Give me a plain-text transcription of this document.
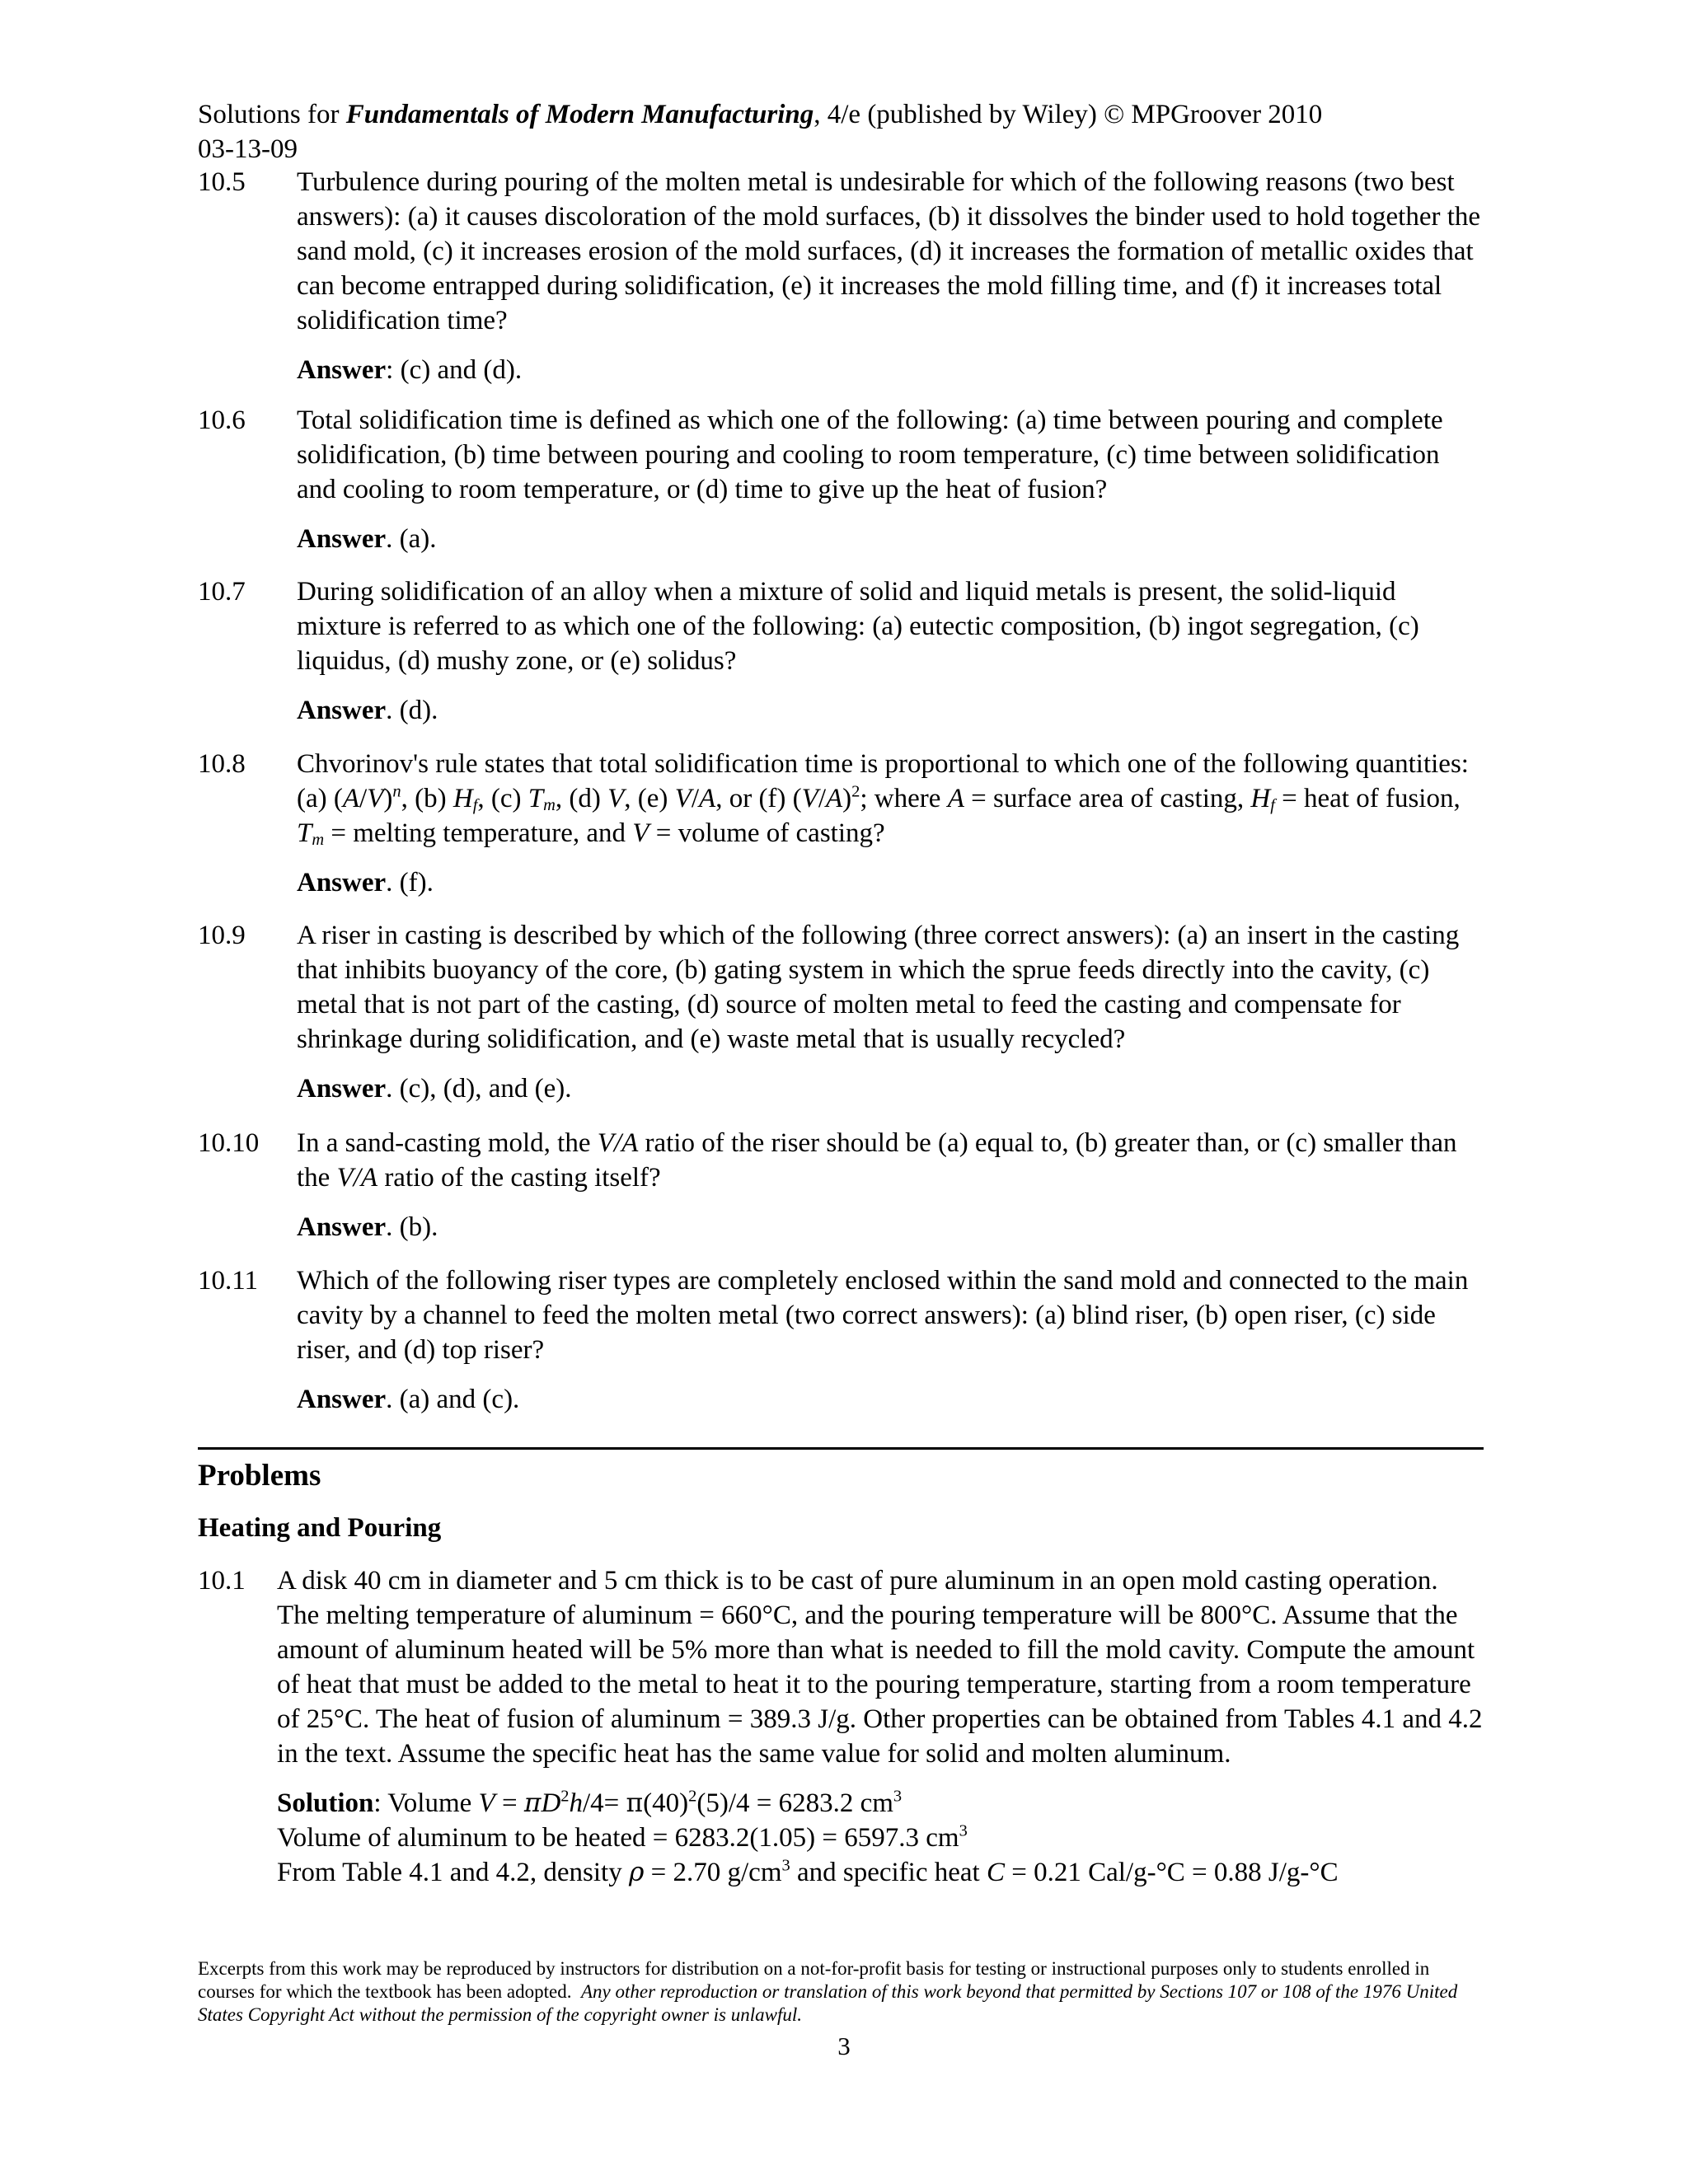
Solutions for Fundamentals of Modern Manufacturing, 4/e (published by Wiley) © MPGroover 2010
03-13-09
10.5 Turbulence during pouring of the molten metal is undesirable for which of the following reasons (two best answers): (a) it causes discoloration of the mold surfaces, (b) it dissolves the binder used to hold together the sand mold, (c) it increases erosion of the mold surfaces, (d) it increases the formation of metallic oxides that can become entrapped during solidification, (e) it increases the mold filling time, and (f) it increases total solidification time?
Answer: (c) and (d).
10.6 Total solidification time is defined as which one of the following: (a) time between pouring and complete solidification, (b) time between pouring and cooling to room temperature, (c) time between solidification and cooling to room temperature, or (d) time to give up the heat of fusion?
Answer. (a).
10.7 During solidification of an alloy when a mixture of solid and liquid metals is present, the solid-liquid mixture is referred to as which one of the following: (a) eutectic composition, (b) ingot segregation, (c) liquidus, (d) mushy zone, or (e) solidus?
Answer. (d).
10.8 Chvorinov's rule states that total solidification time is proportional to which one of the following quantities: (a) $(A/V)^n$, (b) $H_f$, (c) $T_m$, (d) V, (e) V/A, or (f) $(V/A)^2$; where A = surface area of casting, $H_f$ = heat of fusion, $T_m$ = melting temperature, and V = volume of casting?
Answer. (f).
10.9 A riser in casting is described by which of the following (three correct answers): (a) an insert in the casting that inhibits buoyancy of the core, (b) gating system in which the sprue feeds directly into the cavity, (c) metal that is not part of the casting, (d) source of molten metal to feed the casting and compensate for shrinkage during solidification, and (e) waste metal that is usually recycled?
Answer. (c), (d), and (e).
10.10 In a sand-casting mold, the V/A ratio of the riser should be (a) equal to, (b) greater than, or (c) smaller than the V/A ratio of the casting itself?
Answer. (b).
10.11 Which of the following riser types are completely enclosed within the sand mold and connected to the main cavity by a channel to feed the molten metal (two correct answers): (a) blind riser, (b) open riser, (c) side riser, and (d) top riser?
Answer. (a) and (c).
Problems
Heating and Pouring
10.1 A disk 40 cm in diameter and 5 cm thick is to be cast of pure aluminum in an open mold casting operation. The melting temperature of aluminum = 660°C, and the pouring temperature will be 800°C. Assume that the amount of aluminum heated will be 5% more than what is needed to fill the mold cavity. Compute the amount of heat that must be added to the metal to heat it to the pouring temperature, starting from a room temperature of 25°C. The heat of fusion of aluminum = 389.3 J/g. Other properties can be obtained from Tables 4.1 and 4.2 in the text. Assume the specific heat has the same value for solid and molten aluminum.
Solution: Volume $V = \pi D^2h/4= \pi(40)^2(5)/4 = 6283.2$ $cm^3$
Volume of aluminum to be heated = 6283.2(1.05) = 6597.3 $cm^3$
From Table 4.1 and 4.2, density ρ = 2.70 $g/cm^3$ and specific heat C = 0.21 Cal/g-°C = 0.88 J/g-°C
Excerpts from this work may be reproduced by instructors for distribution on a not-for-profit basis for testing or instructional purposes only to students enrolled in courses for which the textbook has been adopted. Any other reproduction or translation of this work beyond that permitted by Sections 107 or 108 of the 1976 United States Copyright Act without the permission of the copyright owner is unlawful.
3
